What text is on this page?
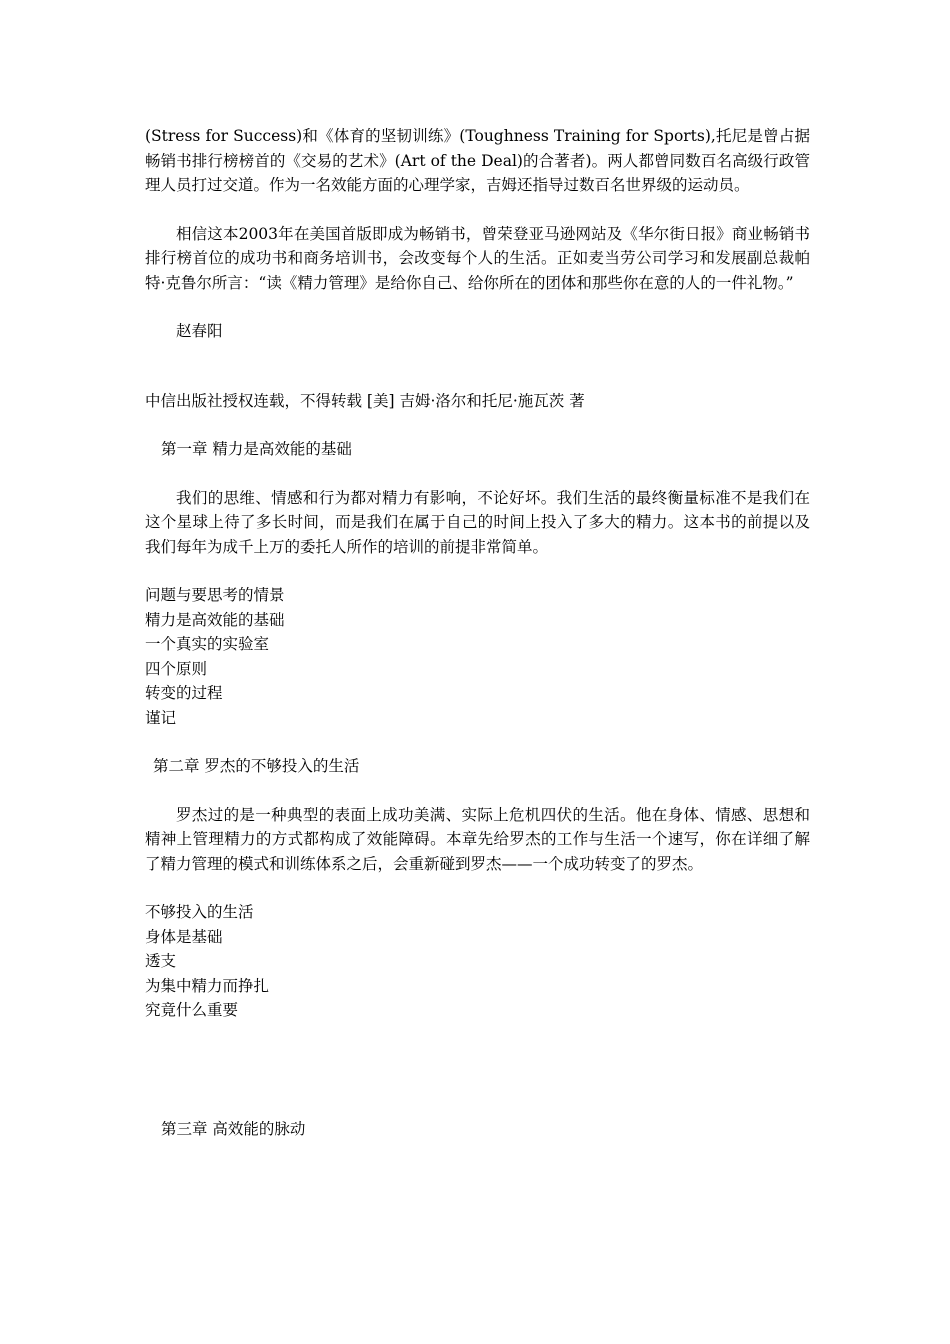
(Stress for Success)和《体育的坚韧训练》(Toughness Training for Sports),托尼是曾占据畅销书排行榜榜首的《交易的艺术》(Art of the Deal)的合著者)。两人都曾同数百名高级行政管理人员打过交道。作为一名效能方面的心理学家，吉姆还指导过数百名世界级的运动员。

相信这本2003年在美国首版即成为畅销书，曾荣登亚马逊网站及《华尔街日报》商业畅销书排行榜首位的成功书和商务培训书，会改变每个人的生活。正如麦当劳公司学习和发展副总裁帕特·克鲁尔所言：“读《精力管理》是给你自己、给你所在的团体和那些你在意的人的一件礼物。”

赵春阳

中信出版社授权连载，不得转载 [美] 吉姆·洛尔和托尼·施瓦茨 著

第一章 精力是高效能的基础

我们的思维、情感和行为都对精力有影响，不论好坏。我们生活的最终衡量标准不是我们在这个星球上待了多长时间，而是我们在属于自己的时间上投入了多大的精力。这本书的前提以及我们每年为成千上万的委托人所作的培训的前提非常简单。

问题与要思考的情景
精力是高效能的基础
一个真实的实验室
四个原则
转变的过程
谨记

第二章 罗杰的不够投入的生活

罗杰过的是一种典型的表面上成功美满、实际上危机四伏的生活。他在身体、情感、思想和精神上管理精力的方式都构成了效能障碍。本章先给罗杰的工作与生活一个速写，你在详细了解了精力管理的模式和训练体系之后，会重新碰到罗杰——一个成功转变了的罗杰。

不够投入的生活
身体是基础
透支
为集中精力而挣扎
究竟什么重要

第三章 高效能的脉动
